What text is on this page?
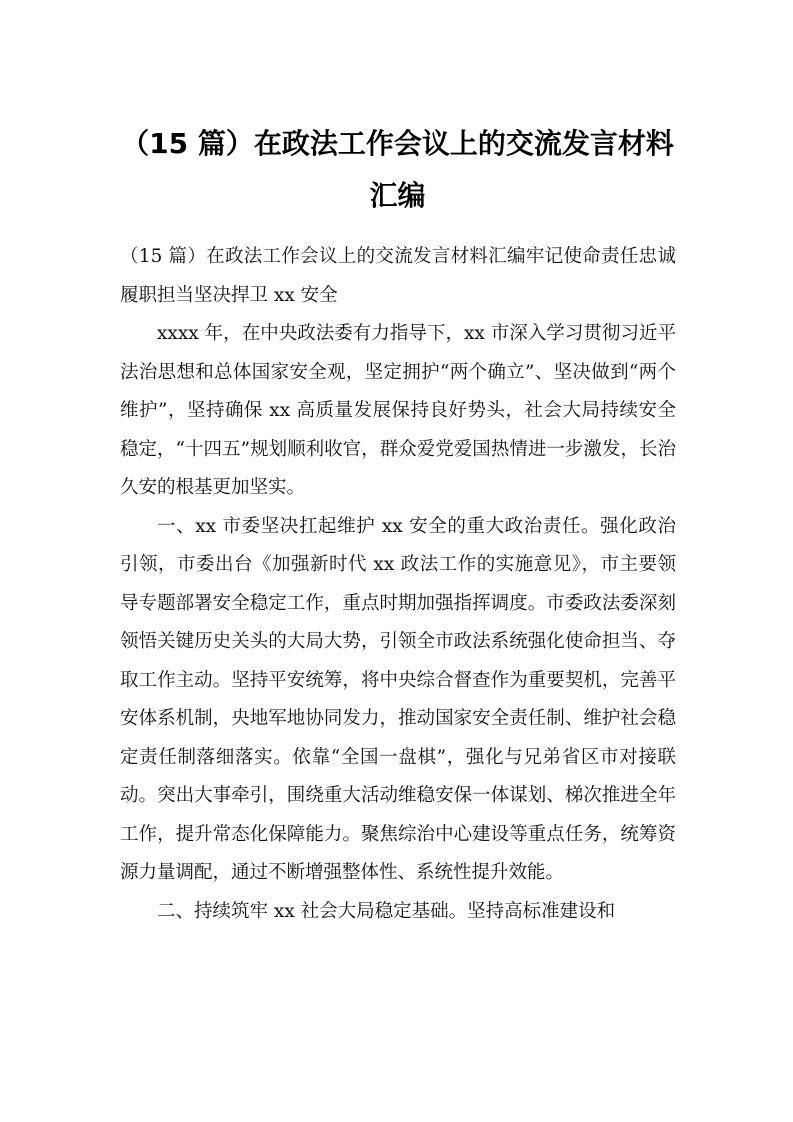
（15 篇）在政法工作会议上的交流发言材料汇编

（15 篇）在政法工作会议上的交流发言材料汇编牢记使命责任忠诚履职担当坚决捍卫 xx 安全

xxxx 年，在中央政法委有力指导下，xx 市深入学习贯彻习近平法治思想和总体国家安全观，坚定拥护“两个确立”、坚决做到“两个维护”，坚持确保 xx 高质量发展保持良好势头，社会大局持续安全稳定，“十四五”规划顺利收官，群众爱党爱国热情进一步激发，长治久安的根基更加坚实。

一、xx 市委坚决扛起维护 xx 安全的重大政治责任。强化政治引领，市委出台《加强新时代 xx 政法工作的实施意见》，市主要领导专题部署安全稳定工作，重点时期加强指挥调度。市委政法委深刻领悟关键历史关头的大局大势，引领全市政法系统强化使命担当、夺取工作主动。坚持平安统筹，将中央综合督查作为重要契机，完善平安体系机制，央地军地协同发力，推动国家安全责任制、维护社会稳定责任制落细落实。依靠“全国一盘棋”，强化与兄弟省区市对接联动。突出大事牵引，围绕重大活动维稳安保一体谋划、梯次推进全年工作，提升常态化保障能力。聚焦综治中心建设等重点任务，统筹资源力量调配，通过不断增强整体性、系统性提升效能。

二、持续筑牢 xx 社会大局稳定基础。坚持高标准建设和
